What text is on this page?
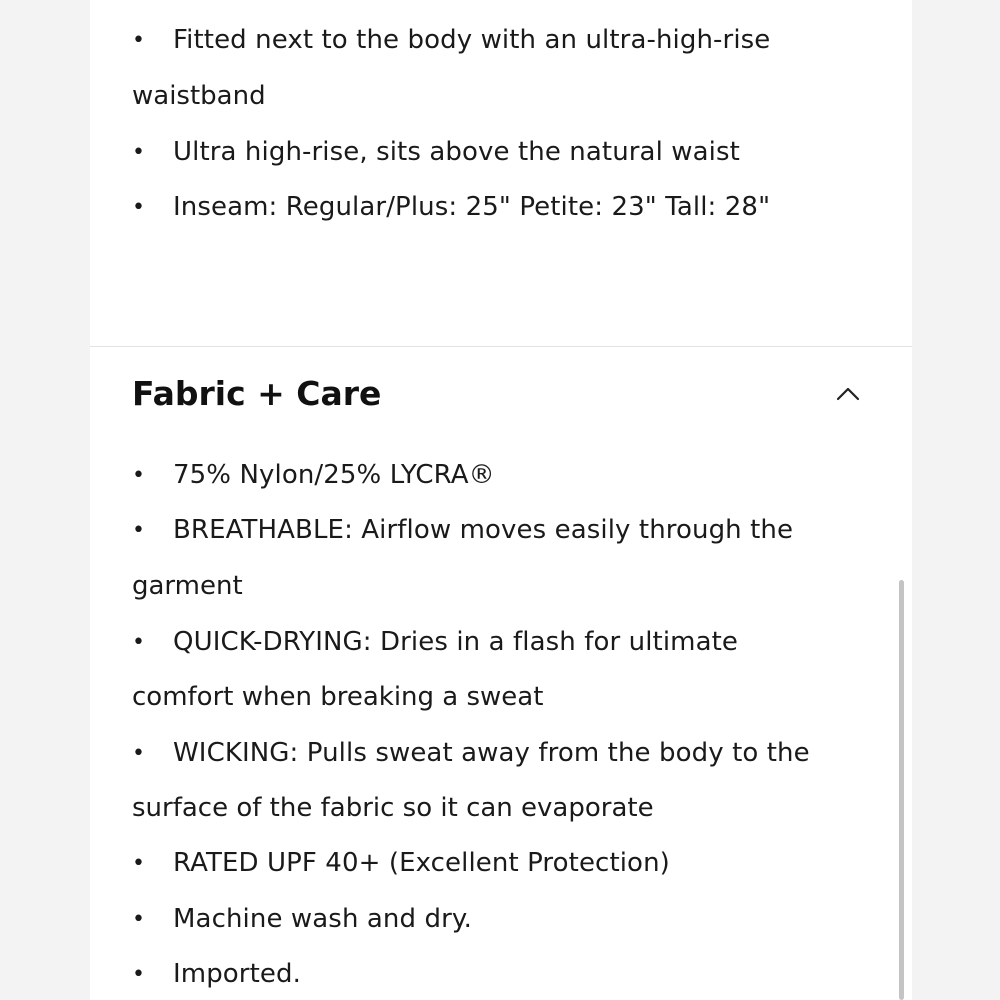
• Fitted next to the body with an ultra-high-rise
waistband
• Ultra high-rise, sits above the natural waist
• Inseam: Regular/Plus: 25" Petite: 23" Tall: 28"
Fabric + Care
• 75% Nylon/25% LYCRA®
• BREATHABLE: Airflow moves easily through the
garment
• QUICK-DRYING: Dries in a flash for ultimate
comfort when breaking a sweat
• WICKING: Pulls sweat away from the body to the
surface of the fabric so it can evaporate
• RATED UPF 40+ (Excellent Protection)
• Machine wash and dry.
• Imported.
